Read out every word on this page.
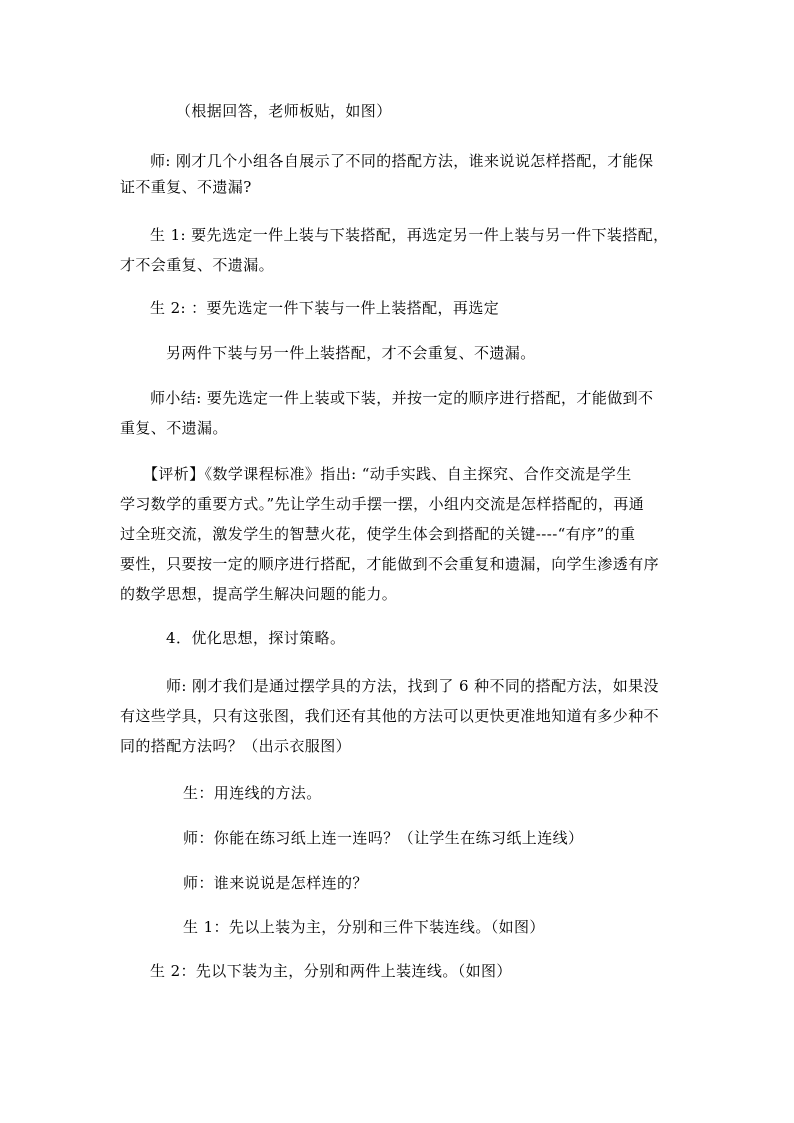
（根据回答，老师板贴，如图）
师: 刚才几个小组各自展示了不同的搭配方法，谁来说说怎样搭配，才能保
证不重复、不遗漏?
生 1: 要先选定一件上装与下装搭配，再选定另一件上装与另一件下装搭配，
才不会重复、不遗漏。
生 2: ：要先选定一件下装与一件上装搭配，再选定
另两件下装与另一件上装搭配，才不会重复、不遗漏。
师小结: 要先选定一件上装或下装，并按一定的顺序进行搭配，才能做到不
重复、不遗漏。
【评析】《数学课程标准》指出: “动手实践、自主探究、合作交流是学生
学习数学的重要方式。”先让学生动手摆一摆，小组内交流是怎样搭配的，再通
过全班交流，激发学生的智慧火花，使学生体会到搭配的关键----“有序”的重
要性，只要按一定的顺序进行搭配，才能做到不会重复和遗漏，向学生渗透有序
的数学思想，提高学生解决问题的能力。
4．优化思想，探讨策略。
师: 刚才我们是通过摆学具的方法，找到了 6 种不同的搭配方法，如果没
有这些学具，只有这张图，我们还有其他的方法可以更快更准地知道有多少种不
同的搭配方法吗？（出示衣服图）
生：用连线的方法。
师：你能在练习纸上连一连吗？（让学生在练习纸上连线）
师：谁来说说是怎样连的？
生 1：先以上装为主，分别和三件下装连线。（如图）
生 2：先以下装为主，分别和两件上装连线。（如图）
